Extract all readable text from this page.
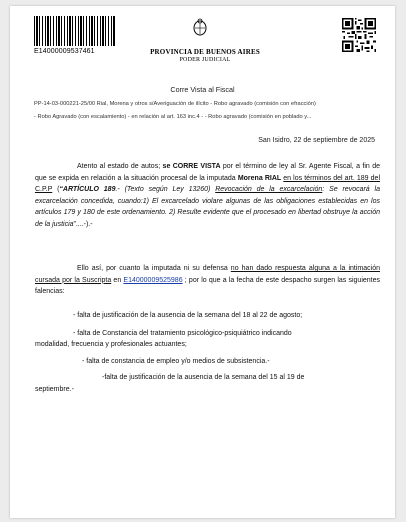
E14000009537461	PROVINCIA DE BUENOS AIRES
PODER JUDICIAL
Corre Vista al Fiscal
PP-14-03-000221-25/00 Rial, Morena y otros s/Averiguación de ilícito - Robo agravado (comisión con efracción)
- Robo Agravado (con escalamiento) - en relación al art. 163 inc.4 - - Robo agravado (comisión en poblado y...
San Isidro, 22 de septiembre de 2025
Atento al estado de autos; se CORRE VISTA por el término de ley al Sr. Agente Fiscal, a fin de que se expida en relación a la situación procesal de la imputada Morena RIAL en los términos del art. 189 del C.P.P (“ARTÍCULO 189.- (Texto según Ley 13260) Revocación de la excarcelación: Se revocará la excarcelación concedida, cuando:1) El excarcelado violare algunas de las obligaciones establecidas en los artículos 179 y 180 de este ordenamiento. 2) Resulte evidente que el procesado en libertad obstruye la acción de la justicia”....-).-
Ello así, por cuanto la imputada ni su defensa no han dado respuesta alguna a la intimación cursada por la Suscripta en E14000009525986 ; por lo que a la fecha de este despacho surgen las siguientes falencias:
- falta de justificación de la ausencia de la semana del 18 al 22 de agosto;
- falta de Constancia del tratamiento psicológico-psiquiátrico indicando
modalidad, frecuencia y profesionales actuantes;
- falta de constancia de empleo y/o medios de subsistencia.-
-falta de justificación de la ausencia de la semana del 15 al 19 de
septiembre.-
